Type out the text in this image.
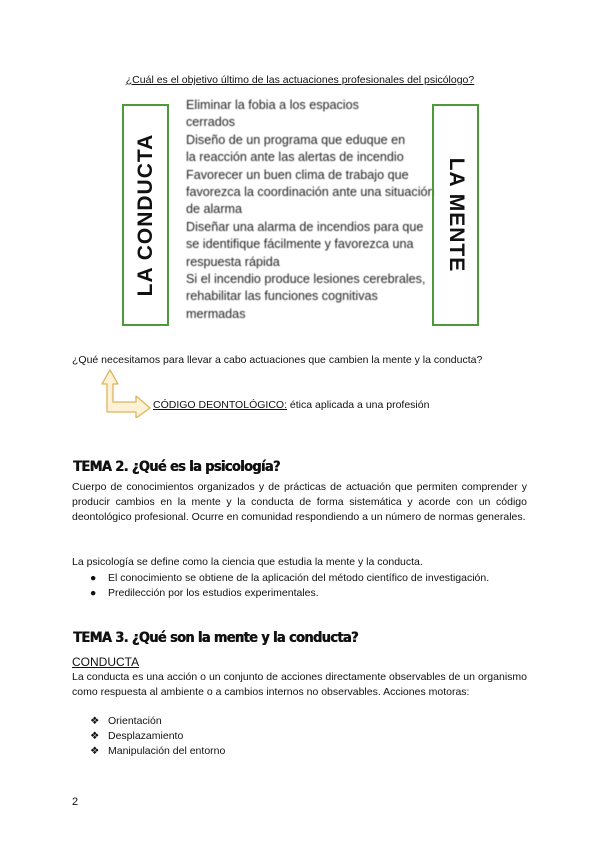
¿Cuál es el objetivo último de las actuaciones profesionales del psicólogo?
LA CONDUCTA
Eliminar la fobia a los espacios
cerrados
Diseño de un programa que eduque en
la reacción ante las alertas de incendio
Favorecer un buen clima de trabajo que
favorezca la coordinación ante una situación
de alarma
Diseñar una alarma de incendios para que
se identifique fácilmente y favorezca una
respuesta rápida
Si el incendio produce lesiones cerebrales,
rehabilitar las funciones cognitivas
mermadas
LA MENTE
¿Qué necesitamos para llevar a cabo actuaciones que cambien la mente y la conducta?
CÓDIGO DEONTOLÓGICO: ética aplicada a una profesión
TEMA 2. ¿Qué es la psicología?
Cuerpo de conocimientos organizados y de prácticas de actuación que permiten comprender y producir cambios en la mente y la conducta de forma sistemática y acorde con un código deontológico profesional. Ocurre en comunidad respondiendo a un número de normas generales.
La psicología se define como la ciencia que estudia la mente y la conducta.
● El conocimiento se obtiene de la aplicación del método científico de investigación.
● Predilección por los estudios experimentales.
TEMA 3. ¿Qué son la mente y la conducta?
CONDUCTA
La conducta es una acción o un conjunto de acciones directamente observables de un organismo como respuesta al ambiente o a cambios internos no observables. Acciones motoras:
❖ Orientación
❖ Desplazamiento
❖ Manipulación del entorno
2
